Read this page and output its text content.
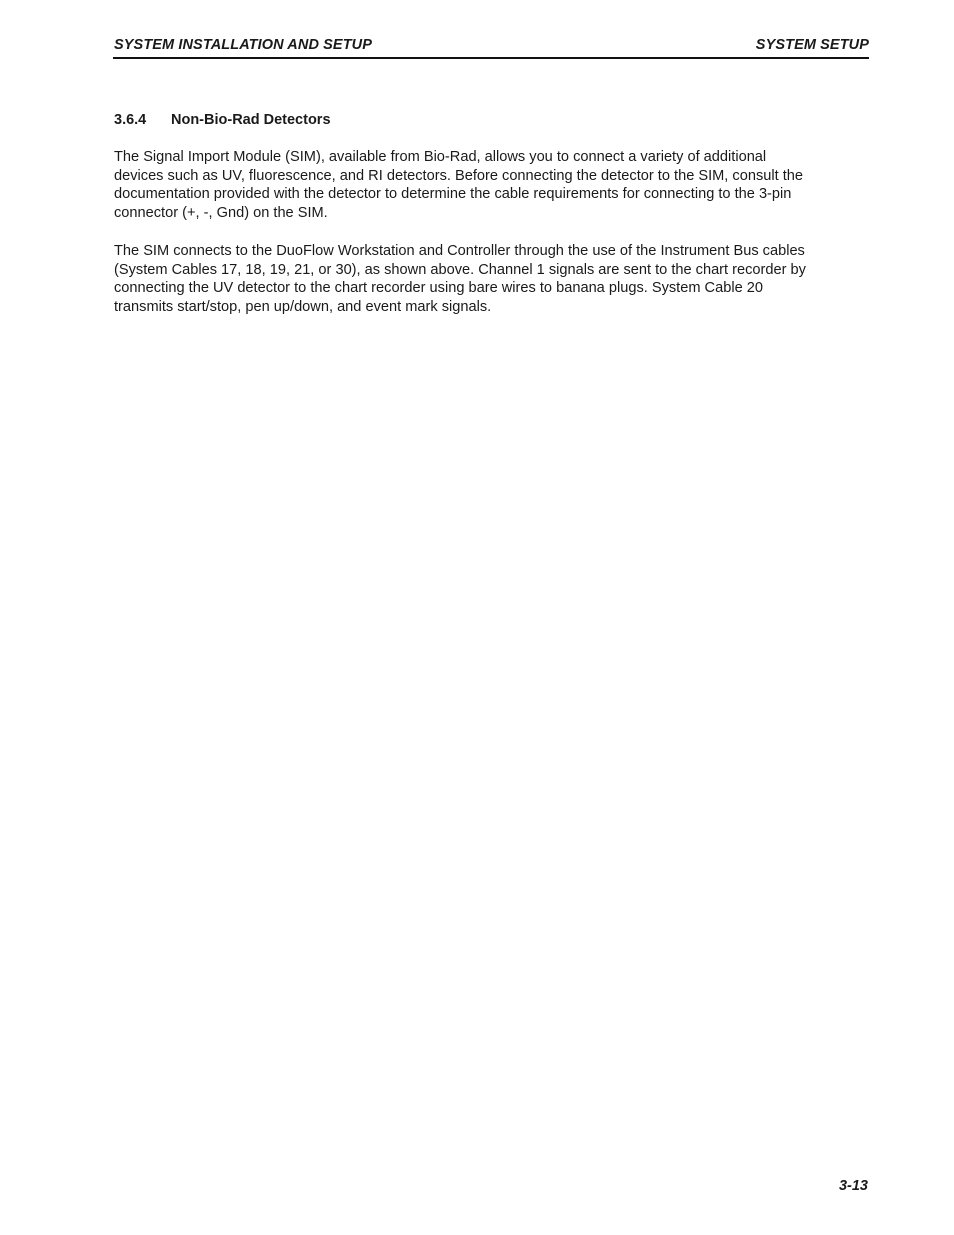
SYSTEM INSTALLATION AND SETUP	SYSTEM SETUP
3.6.4 Non-Bio-Rad Detectors

The Signal Import Module (SIM), available from Bio-Rad, allows you to connect a variety of additional
devices such as UV, fluorescence, and RI detectors. Before connecting the detector to the SIM, consult the
documentation provided with the detector to determine the cable requirements for connecting to the 3-pin
connector (+, -, Gnd) on the SIM.

The SIM connects to the DuoFlow Workstation and Controller through the use of the Instrument Bus cables
(System Cables 17, 18, 19, 21, or 30), as shown above. Channel 1 signals are sent to the chart recorder by
connecting the UV detector to the chart recorder using bare wires to banana plugs. System Cable 20
transmits start/stop, pen up/down, and event mark signals.

3-13
